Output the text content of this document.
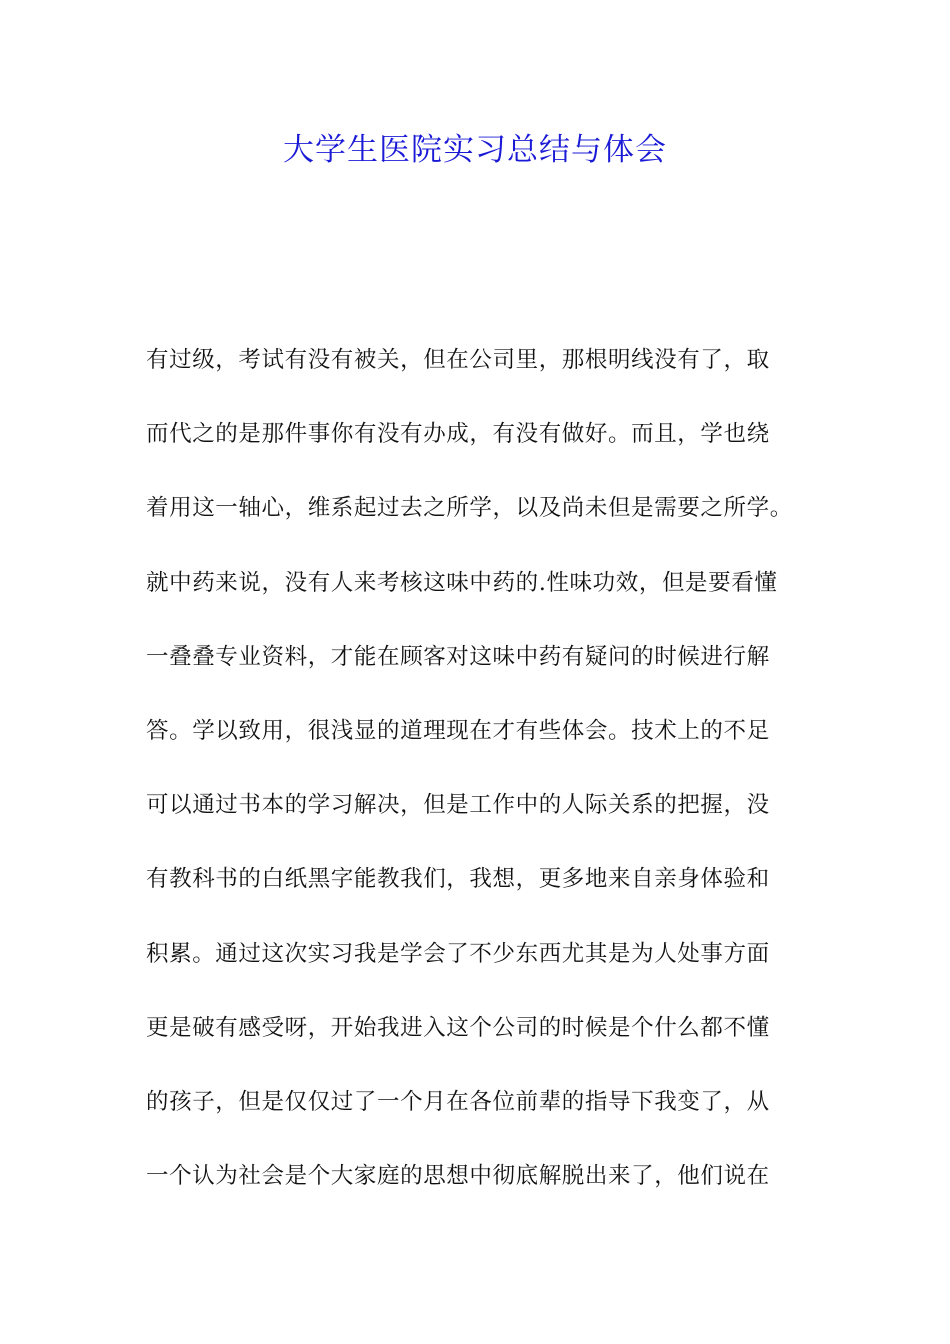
大学生医院实习总结与体会
有过级，考试有没有被关，但在公司里，那根明线没有了，取
而代之的是那件事你有没有办成，有没有做好。而且，学也绕
着用这一轴心，维系起过去之所学，以及尚未但是需要之所学。
就中药来说，没有人来考核这味中药的.性味功效，但是要看懂
一叠叠专业资料，才能在顾客对这味中药有疑问的时候进行解
答。学以致用，很浅显的道理现在才有些体会。技术上的不足
可以通过书本的学习解决，但是工作中的人际关系的把握，没
有教科书的白纸黑字能教我们，我想，更多地来自亲身体验和
积累。通过这次实习我是学会了不少东西尤其是为人处事方面
更是破有感受呀，开始我进入这个公司的时候是个什么都不懂
的孩子，但是仅仅过了一个月在各位前辈的指导下我变了，从
一个认为社会是个大家庭的思想中彻底解脱出来了，他们说在
